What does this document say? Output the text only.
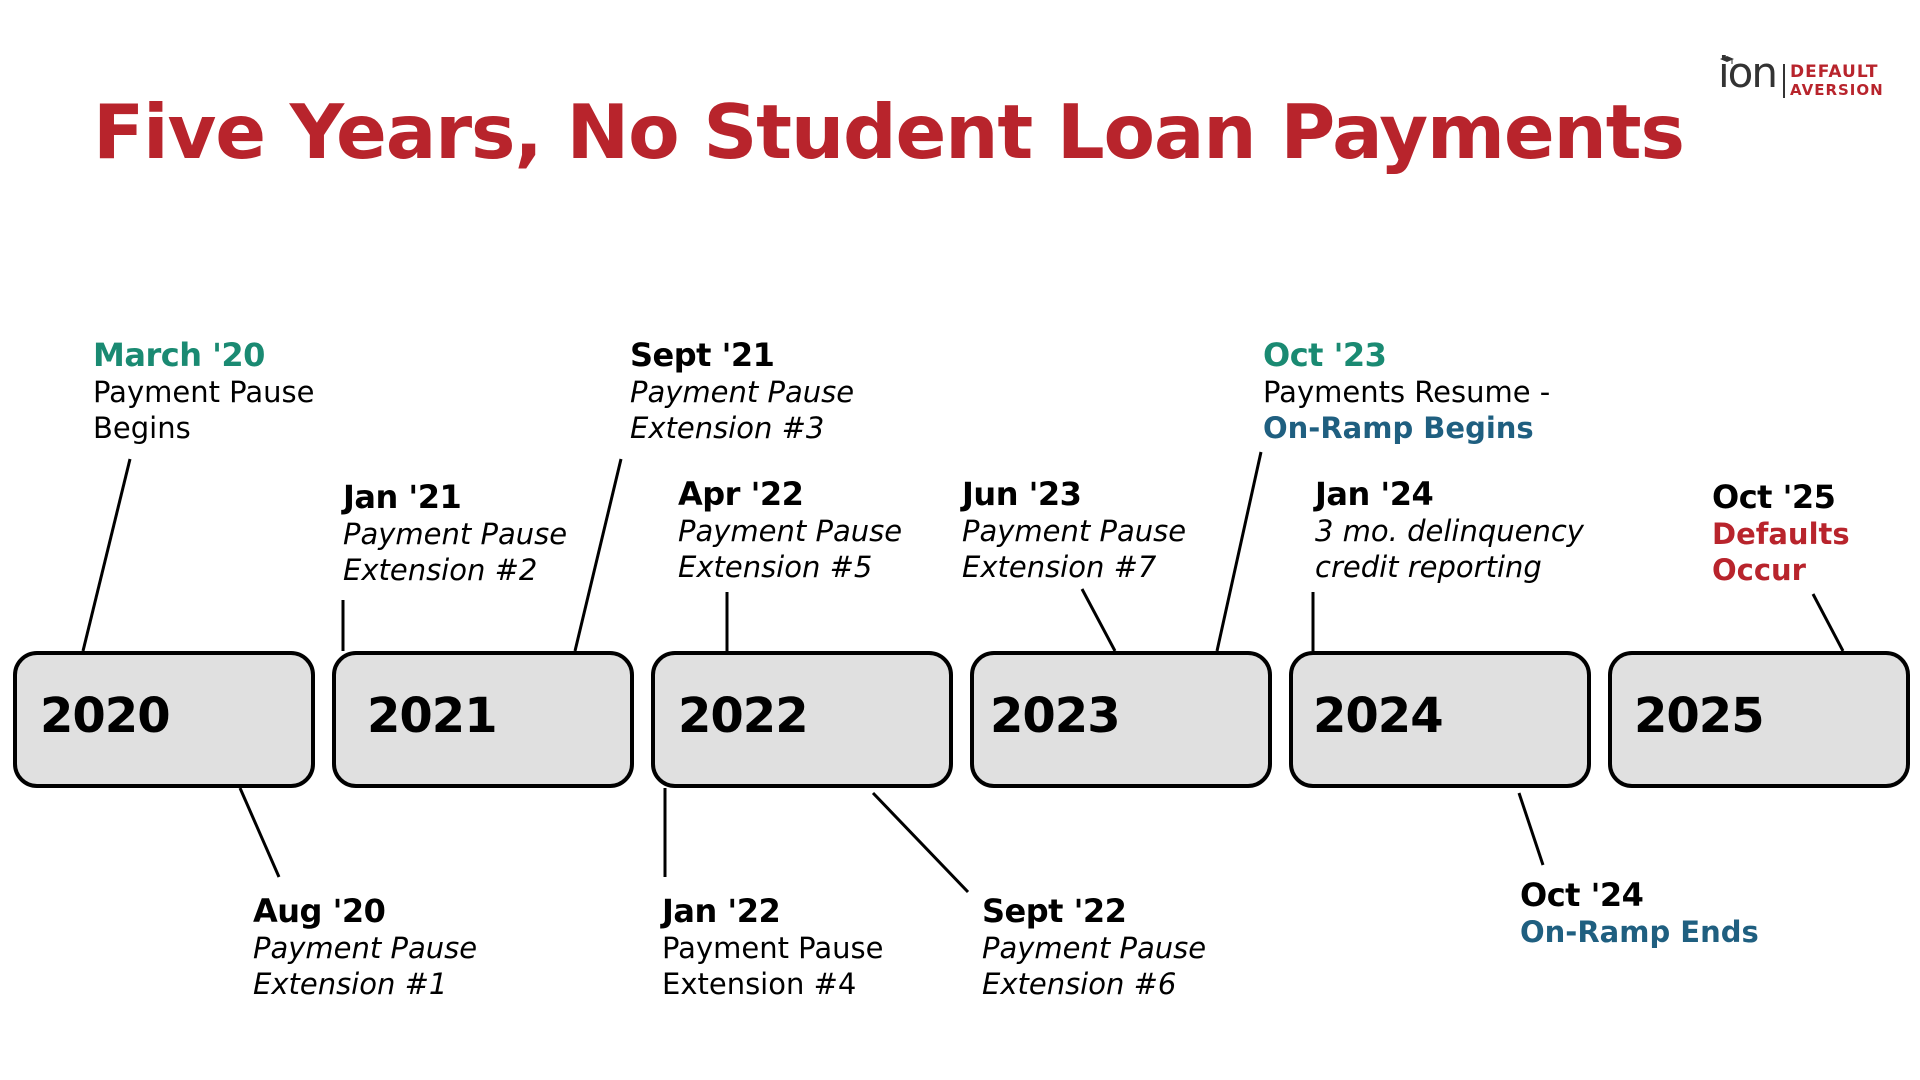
Five Years, No Student Loan Payments
ion DEFAULT
AVERSION
2020	2021	2022	2023	2024	2025
March '20
Payment Pause
Begins
Aug '20
Payment Pause
Extension #1
Jan '21
Payment Pause
Extension #2
Sept '21
Payment Pause
Extension #3
Jan '22
Payment Pause
Extension #4
Apr '22
Payment Pause
Extension #5
Sept '22
Payment Pause
Extension #6
Jun '23
Payment Pause
Extension #7
Oct '23
Payments Resume -
On-Ramp Begins
Jan '24
3 mo. delinquency
credit reporting
Oct '24
On-Ramp Ends
Oct '25
Defaults
Occur
